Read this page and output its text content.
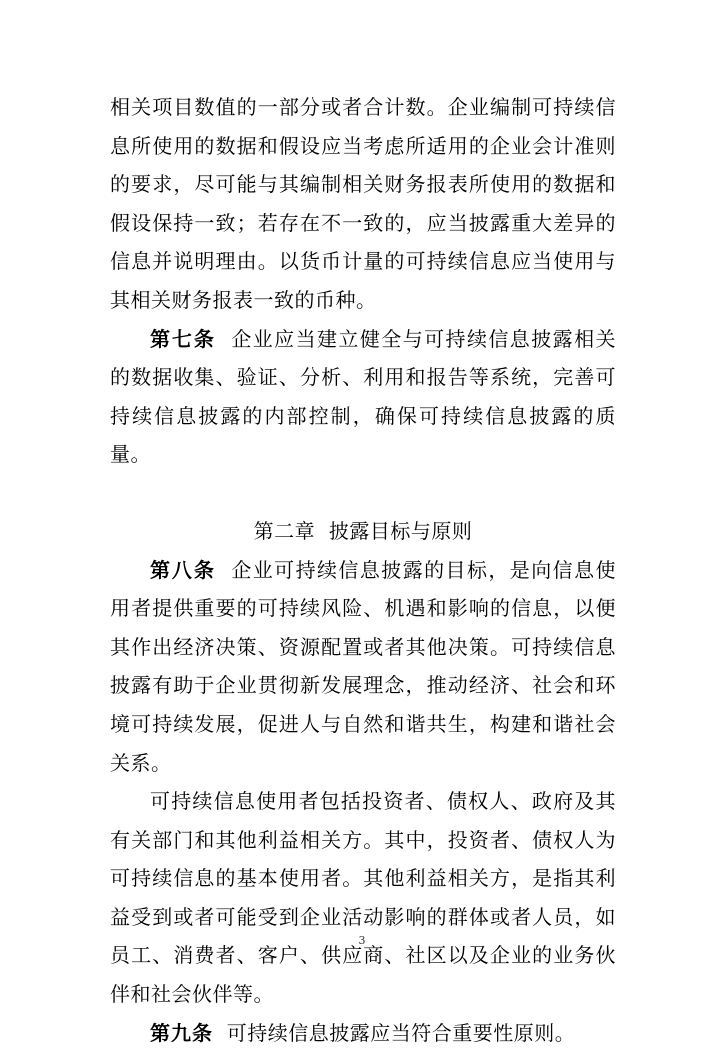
相关项目数值的一部分或者合计数。企业编制可持续信息所使用的数据和假设应当考虑所适用的企业会计准则的要求，尽可能与其编制相关财务报表所使用的数据和假设保持一致；若存在不一致的，应当披露重大差异的信息并说明理由。以货币计量的可持续信息应当使用与其相关财务报表一致的币种。

第七条 企业应当建立健全与可持续信息披露相关的数据收集、验证、分析、利用和报告等系统，完善可持续信息披露的内部控制，确保可持续信息披露的质量。

第二章  披露目标与原则

第八条 企业可持续信息披露的目标，是向信息使用者提供重要的可持续风险、机遇和影响的信息，以便其作出经济决策、资源配置或者其他决策。可持续信息披露有助于企业贯彻新发展理念，推动经济、社会和环境可持续发展，促进人与自然和谐共生，构建和谐社会关系。

可持续信息使用者包括投资者、债权人、政府及其有关部门和其他利益相关方。其中，投资者、债权人为可持续信息的基本使用者。其他利益相关方，是指其利益受到或者可能受到企业活动影响的群体或者人员，如员工、消费者、客户、供应商、社区以及企业的业务伙伴和社会伙伴等。

第九条 可持续信息披露应当符合重要性原则。

3
